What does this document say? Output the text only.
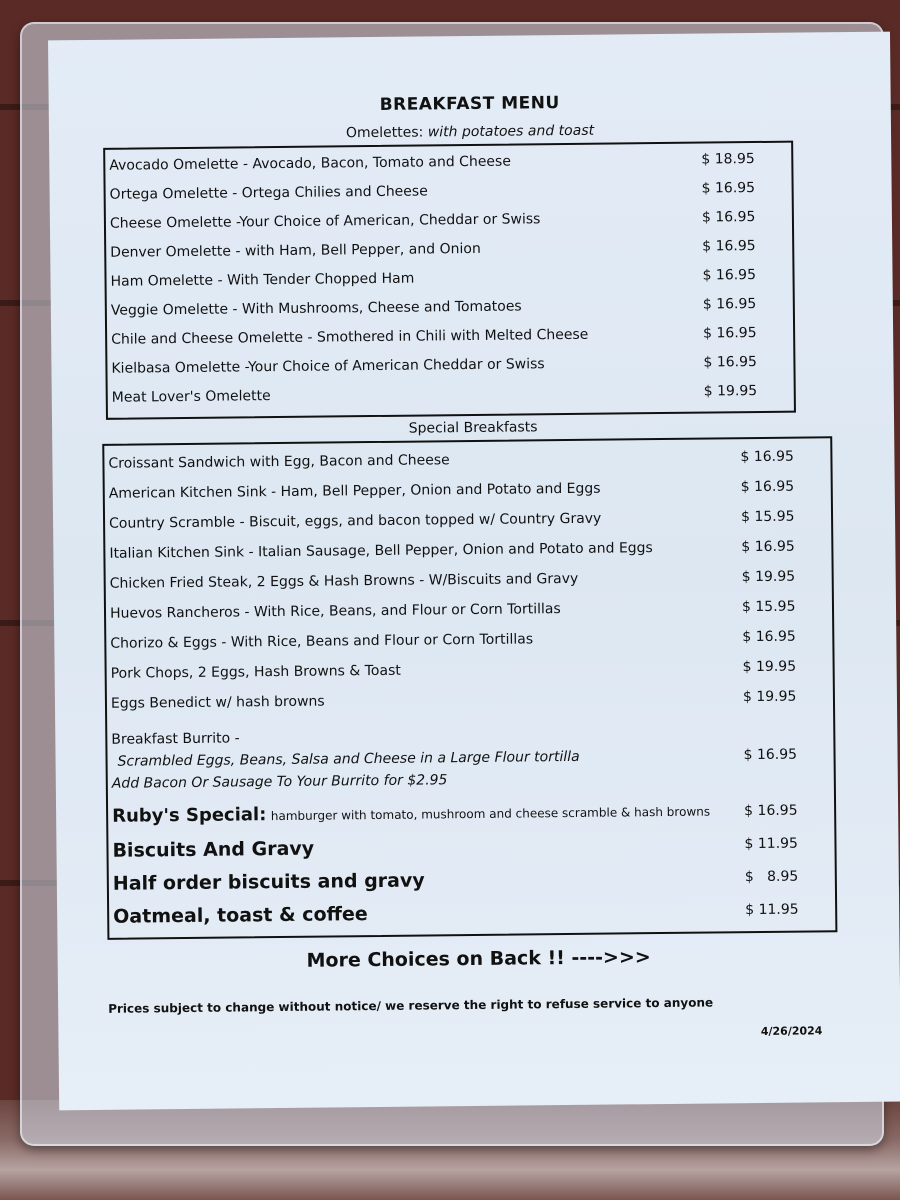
BREAKFAST MENU
Omelettes: with potatoes and toast
Avocado Omelette - Avocado, Bacon, Tomato and Cheese	$ 18.95
Ortega Omelette - Ortega Chilies and Cheese	$ 16.95
Cheese Omelette -Your Choice of American, Cheddar or Swiss	$ 16.95
Denver Omelette - with Ham, Bell Pepper, and Onion	$ 16.95
Ham Omelette - With Tender Chopped Ham	$ 16.95
Veggie Omelette - With Mushrooms, Cheese and Tomatoes	$ 16.95
Chile and Cheese Omelette - Smothered in Chili with Melted Cheese	$ 16.95
Kielbasa Omelette -Your Choice of American Cheddar or Swiss	$ 16.95
Meat Lover's Omelette	$ 19.95
Special Breakfasts
Croissant Sandwich with Egg, Bacon and Cheese	$ 16.95
American Kitchen Sink - Ham, Bell Pepper, Onion and Potato and Eggs	$ 16.95
Country Scramble - Biscuit, eggs, and bacon topped w/ Country Gravy	$ 15.95
Italian Kitchen Sink - Italian Sausage, Bell Pepper, Onion and Potato and Eggs	$ 16.95
Chicken Fried Steak, 2 Eggs & Hash Browns - W/Biscuits and Gravy	$ 19.95
Huevos Rancheros - With Rice, Beans, and Flour or Corn Tortillas	$ 15.95
Chorizo & Eggs - With Rice, Beans and Flour or Corn Tortillas	$ 16.95
Pork Chops, 2 Eggs, Hash Browns & Toast	$ 19.95
Eggs Benedict w/ hash browns	$ 19.95
Breakfast Burrito -
Scrambled Eggs, Beans, Salsa and Cheese in a Large Flour tortilla
Add Bacon Or Sausage To Your Burrito for $2.95
$ 16.95
Ruby's Special: hamburger with tomato, mushroom and cheese scramble & hash browns $ 16.95
Biscuits And Gravy	$ 11.95
Half order biscuits and gravy	$   8.95
Oatmeal, toast & coffee	$ 11.95
More Choices on Back !! ---->>>
Prices subject to change without notice/ we reserve the right to refuse service to anyone
4/26/2024
